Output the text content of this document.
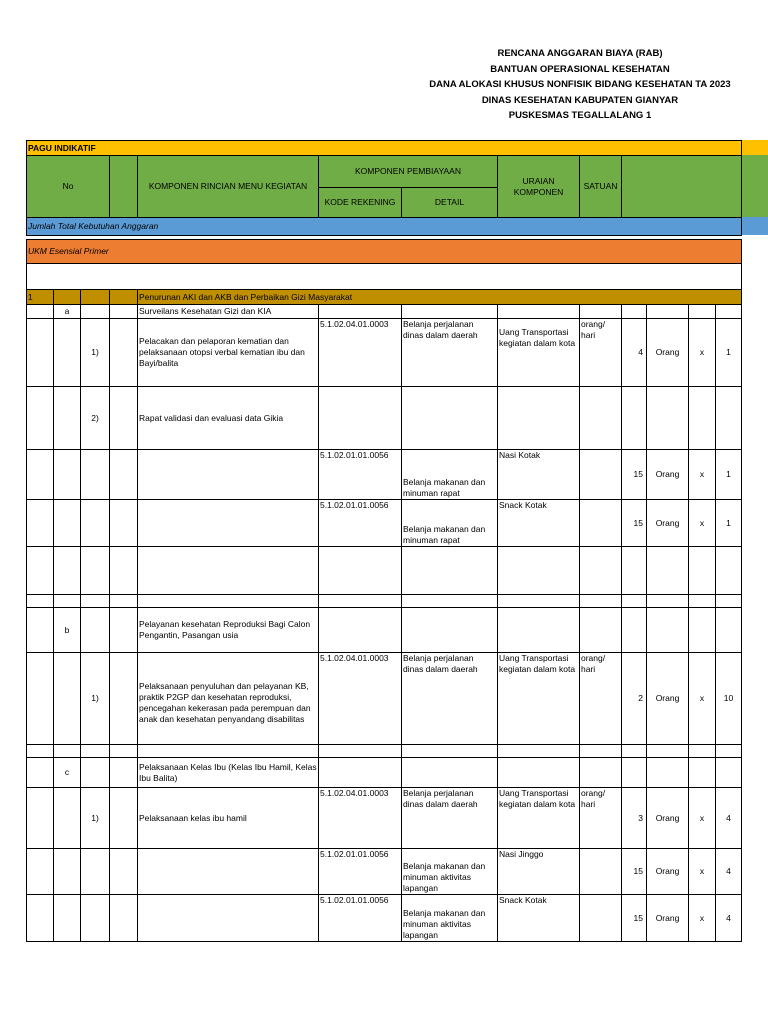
RENCANA ANGGARAN BIAYA (RAB)
BANTUAN OPERASIONAL KESEHATAN
DANA ALOKASI KHUSUS NONFISIK BIDANG KESEHATAN TA 2023
DINAS KESEHATAN KABUPATEN GIANYAR
PUSKESMAS TEGALLALANG 1
PAGU INDIKATIF												
No				KOMPONEN RINCIAN MENU KEGIATAN	KOMPONEN PEMBIAYAAN		URAIAN KOMPONEN	SATUAN				
					KODE REKENING	DETAIL						
Jumlah Total Kebutuhan Anggaran												

UKM Esensial Primer												

1				Penurunan AKI dan AKB dan Perbaikan Gizi Masyarakat								
	a			Surveilans Kesehatan Gizi dan KIA								
		1)		Pelacakan dan pelaporan kematian dan pelaksanaan otopsi verbal kematian ibu dan Bayi/balita	5.1.02.04.01.0003	Belanja perjalanan dinas dalam daerah	Uang Transportasi kegiatan dalam kota	orang/ hari	4	Orang	x	1
		2)		Rapat validasi dan evaluasi data Gikia								
					5.1.02.01.01.0056	Belanja makanan dan minuman rapat	Nasi Kotak		15	Orang	x	1
					5.1.02.01.01.0056	Belanja makanan dan minuman rapat	Snack Kotak		15	Orang	x	1

	b			Pelayanan kesehatan Reproduksi Bagi Calon Pengantin, Pasangan usia								
		1)		Pelaksanaan penyuluhan dan pelayanan KB, praktik P2GP dan kesehatan reproduksi, pencegahan kekerasan pada perempuan dan anak dan kesehatan penyandang disabilitas	5.1.02.04.01.0003	Belanja perjalanan dinas dalam daerah	Uang Transportasi kegiatan dalam kota	orang/ hari	2	Orang	x	10

	c			Pelaksanaan Kelas Ibu (Kelas Ibu Hamil, Kelas Ibu Balita)								
		1)		Pelaksanaan kelas ibu hamil	5.1.02.04.01.0003	Belanja perjalanan dinas dalam daerah	Uang Transportasi kegiatan dalam kota	orang/ hari	3	Orang	x	4
					5.1.02.01.01.0056	Belanja makanan dan minuman aktivitas lapangan	Nasi Jinggo		15	Orang	x	4
					5.1.02.01.01.0056	Belanja makanan dan minuman aktivitas lapangan	Snack Kotak		15	Orang	x	4
